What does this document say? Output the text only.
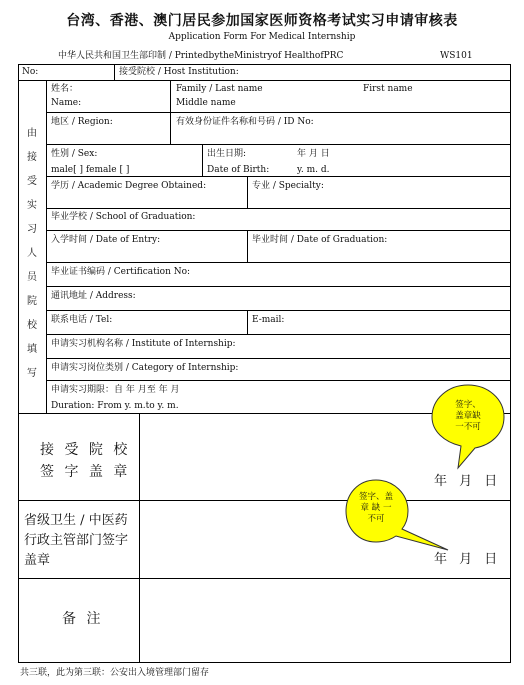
台湾、香港、澳门居民参加国家医师资格考试实习申请审核表
Application Form For Medical Internship
中华人民共和国卫生部印制 / PrintedbytheMinistryof HealthofPRC	WS101
No:	接受院校 / Host Institution:
由
接
受
实
习
人
员
院
校
填
写
姓名：
Name:
Family / Last name	First name
Middle name
地区 / Region:	有效身份证件名称和号码 / ID No:
性别 / Sex:
male[ ] female [ ]
出生日期:	年 月 日
Date of Birth:	y. m. d.
学历 / Academic Degree Obtained:	专业 / Specialty:
毕业学校 / School of Graduation:
入学时间 / Date of Entry:	毕业时间 / Date of Graduation:
毕业证书编码 / Certification No:
通讯地址 / Address:
联系电话 / Tel:	E-mail:
申请实习机构名称 / Institute of Internship:
申请实习岗位类别 / Category of Internship:
申请实习期限：自 年 月至 年 月
Duration: From y. m.to y. m.
接 受 院 校
签 字 盖 章
年 月 日
省级卫生 / 中医药
行政主管部门签字
盖章	年 月 日
备 注
签字、
盖章缺
一不可
签字、盖
章 缺 一
不可
共三联，此为第三联：公安出入境管理部门留存
